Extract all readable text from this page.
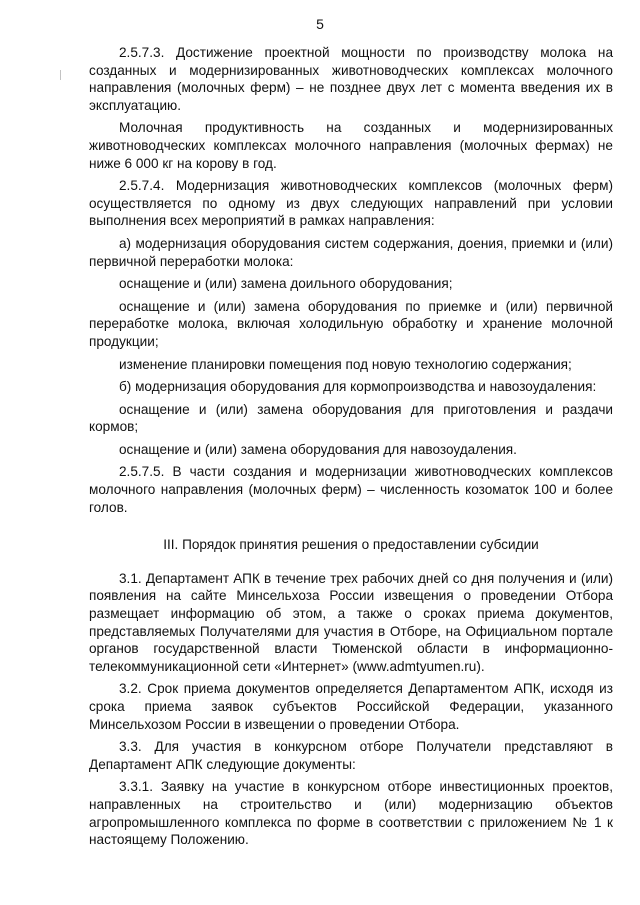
5

2.5.7.3. Достижение проектной мощности по производству молока на созданных и модернизированных животноводческих комплексах молочного направления (молочных ферм) – не позднее двух лет с момента введения их в эксплуатацию.

Молочная продуктивность на созданных и модернизированных животноводческих комплексах молочного направления (молочных фермах) не ниже 6 000 кг на корову в год.

2.5.7.4. Модернизация животноводческих комплексов (молочных ферм) осуществляется по одному из двух следующих направлений при условии выполнения всех мероприятий в рамках направления:

а) модернизация оборудования систем содержания, доения, приемки и (или) первичной переработки молока:

оснащение и (или) замена доильного оборудования;

оснащение и (или) замена оборудования по приемке и (или) первичной переработке молока, включая холодильную обработку и хранение молочной продукции;

изменение планировки помещения под новую технологию содержания;

б) модернизация оборудования для кормопроизводства и навозоудаления:

оснащение и (или) замена оборудования для приготовления и раздачи кормов;

оснащение и (или) замена оборудования для навозоудаления.

2.5.7.5. В части создания и модернизации животноводческих комплексов молочного направления (молочных ферм) – численность козоматок 100 и более голов.

III. Порядок принятия решения о предоставлении субсидии

3.1. Департамент АПК в течение трех рабочих дней со дня получения и (или) появления на сайте Минсельхоза России извещения о проведении Отбора размещает информацию об этом, а также о сроках приема документов, представляемых Получателями для участия в Отборе, на Официальном портале органов государственной власти Тюменской области в информационно-телекоммуникационной сети «Интернет» (www.admtyumen.ru).

3.2. Срок приема документов определяется Департаментом АПК, исходя из срока приема заявок субъектов Российской Федерации, указанного Минсельхозом России в извещении о проведении Отбора.

3.3. Для участия в конкурсном отборе Получатели представляют в Департамент АПК следующие документы:

3.3.1. Заявку на участие в конкурсном отборе инвестиционных проектов, направленных на строительство и (или) модернизацию объектов агропромышленного комплекса по форме в соответствии с приложением № 1 к настоящему Положению.
